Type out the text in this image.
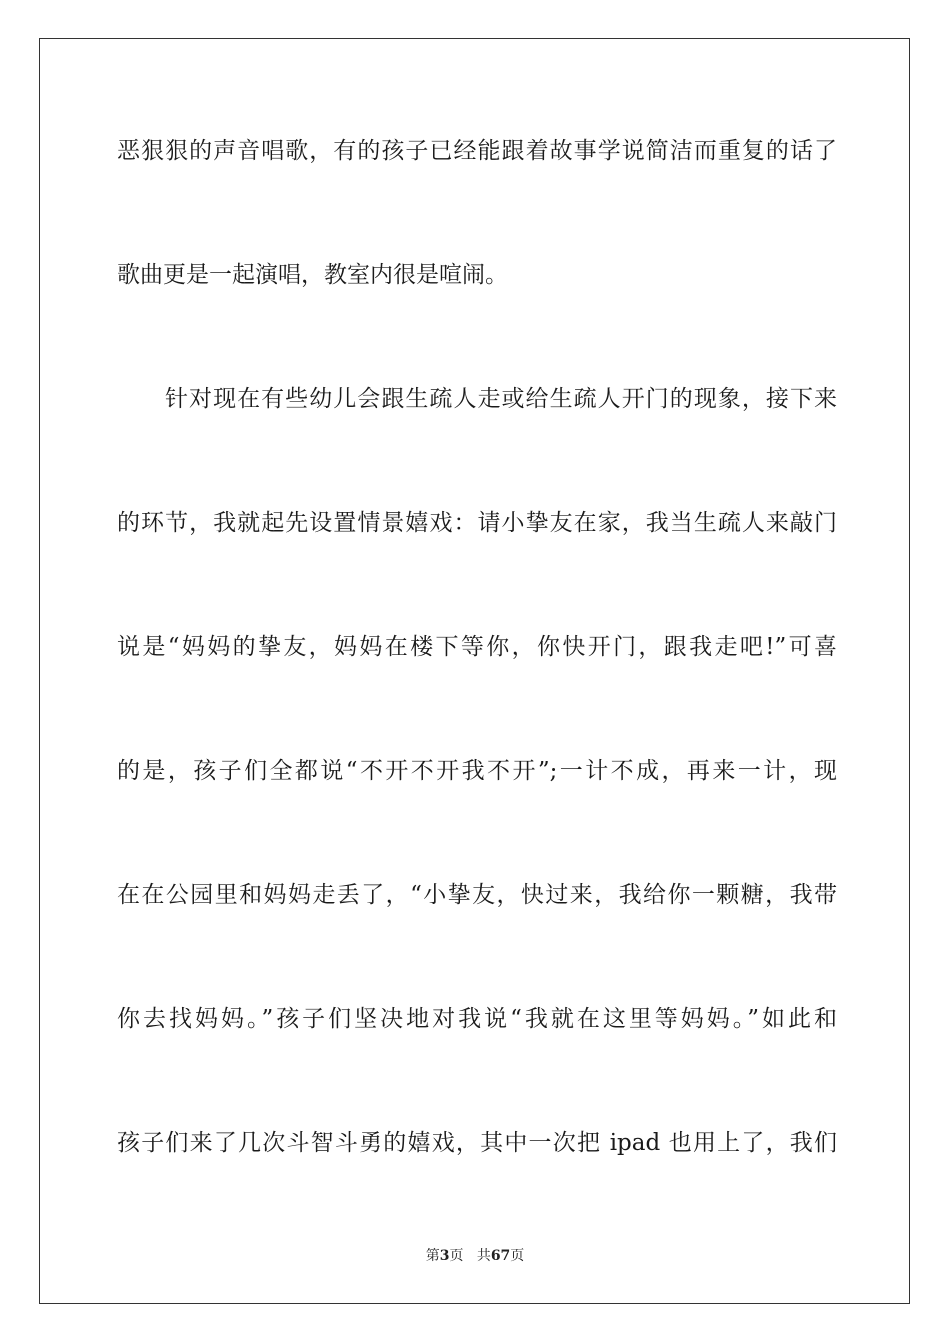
恶狠狠的声音唱歌，有的孩子已经能跟着故事学说简洁而重复的话了
歌曲更是一起演唱，教室内很是喧闹。
针对现在有些幼儿会跟生疏人走或给生疏人开门的现象，接下来
的环节，我就起先设置情景嬉戏：请小挚友在家，我当生疏人来敲门
说是“妈妈的挚友，妈妈在楼下等你，你快开门，跟我走吧!”可喜
的是，孩子们全都说“不开不开我不开”;一计不成，再来一计，现
在在公园里和妈妈走丢了，“小挚友，快过来，我给你一颗糖，我带
你去找妈妈。”孩子们坚决地对我说“我就在这里等妈妈。”如此和
孩子们来了几次斗智斗勇的嬉戏，其中一次把 ipad 也用上了，我们
第3页 共67页
